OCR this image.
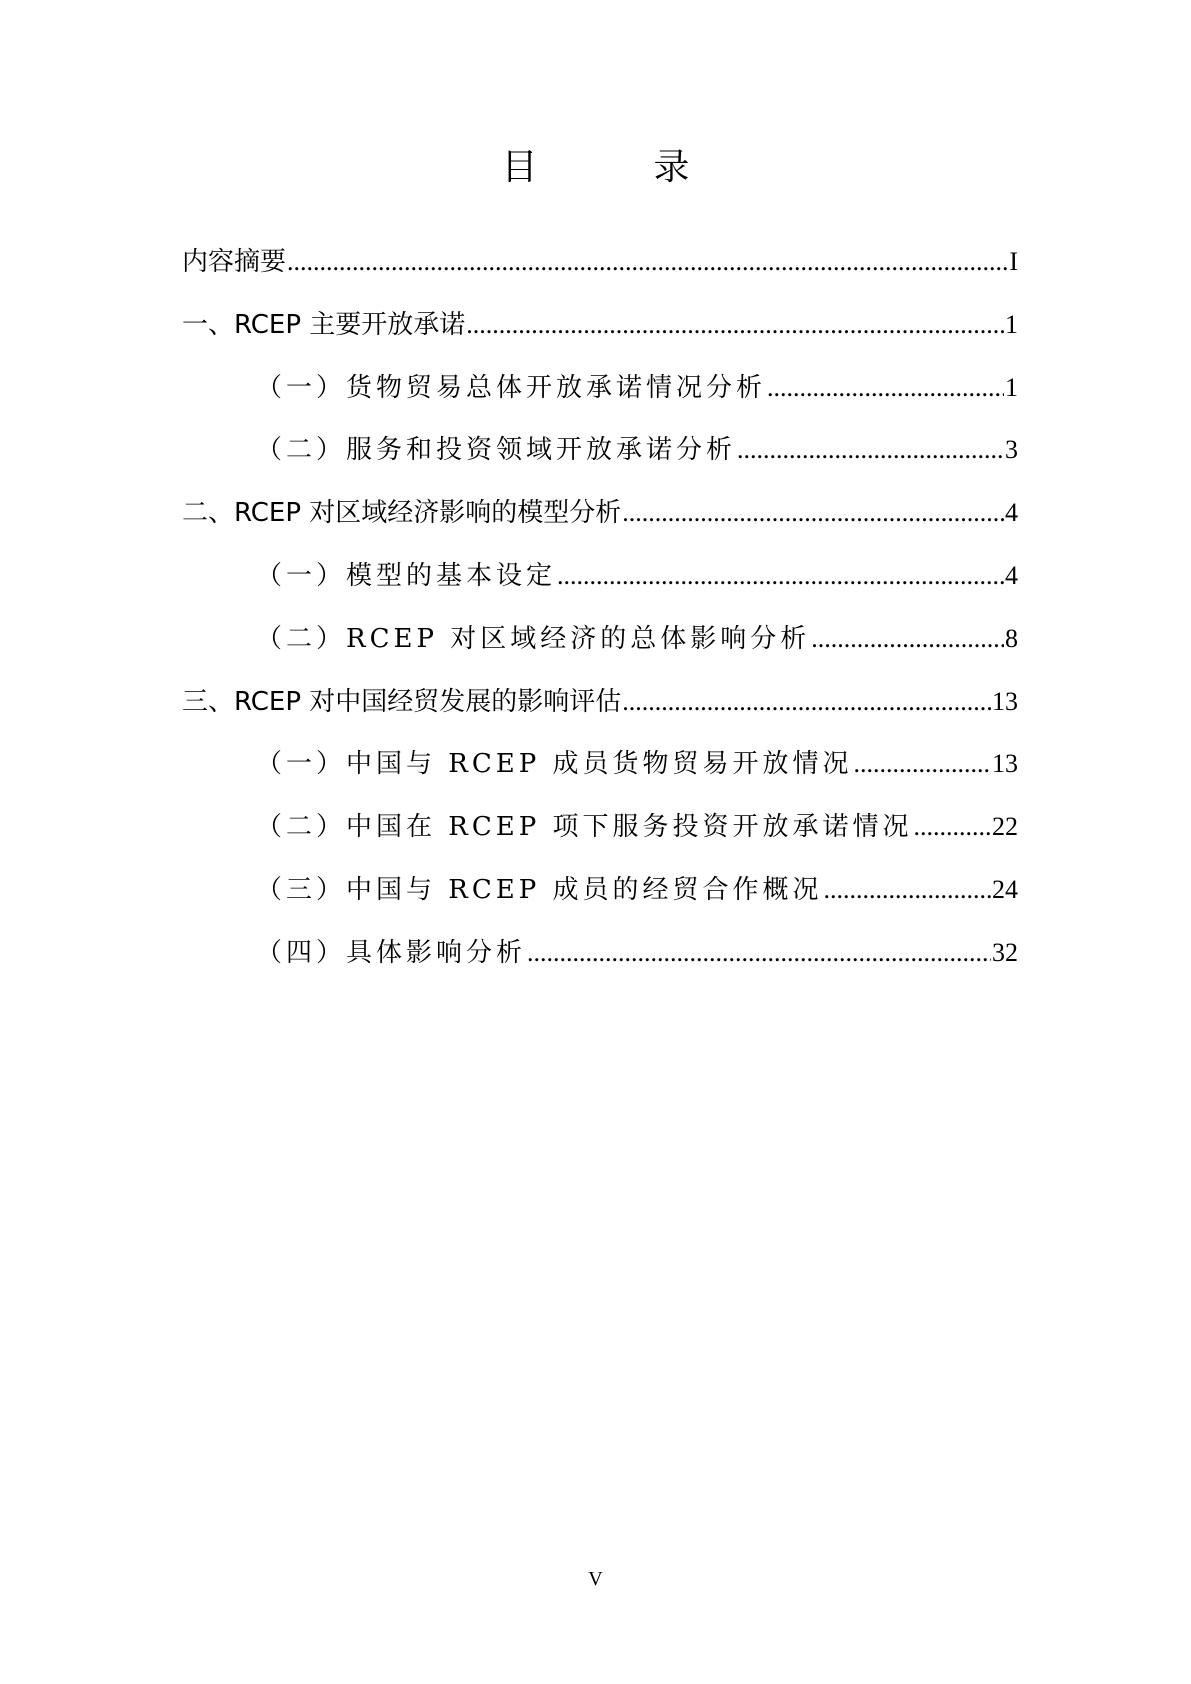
目　录
内容摘要 .....	I
一、RCEP 主要开放承诺 .....	1
（一）货物贸易总体开放承诺情况分析 .....	1
（二）服务和投资领域开放承诺分析 .....	3
二、RCEP 对区域经济影响的模型分析 .....	4
（一）模型的基本设定 .....	4
（二）RCEP 对区域经济的总体影响分析 .....	8
三、RCEP 对中国经贸发展的影响评估 .....	13
（一）中国与 RCEP 成员货物贸易开放情况 .....	13
（二）中国在 RCEP 项下服务投资开放承诺情况 .....	22
（三）中国与 RCEP 成员的经贸合作概况 .....	24
（四）具体影响分析 .....	32
V
